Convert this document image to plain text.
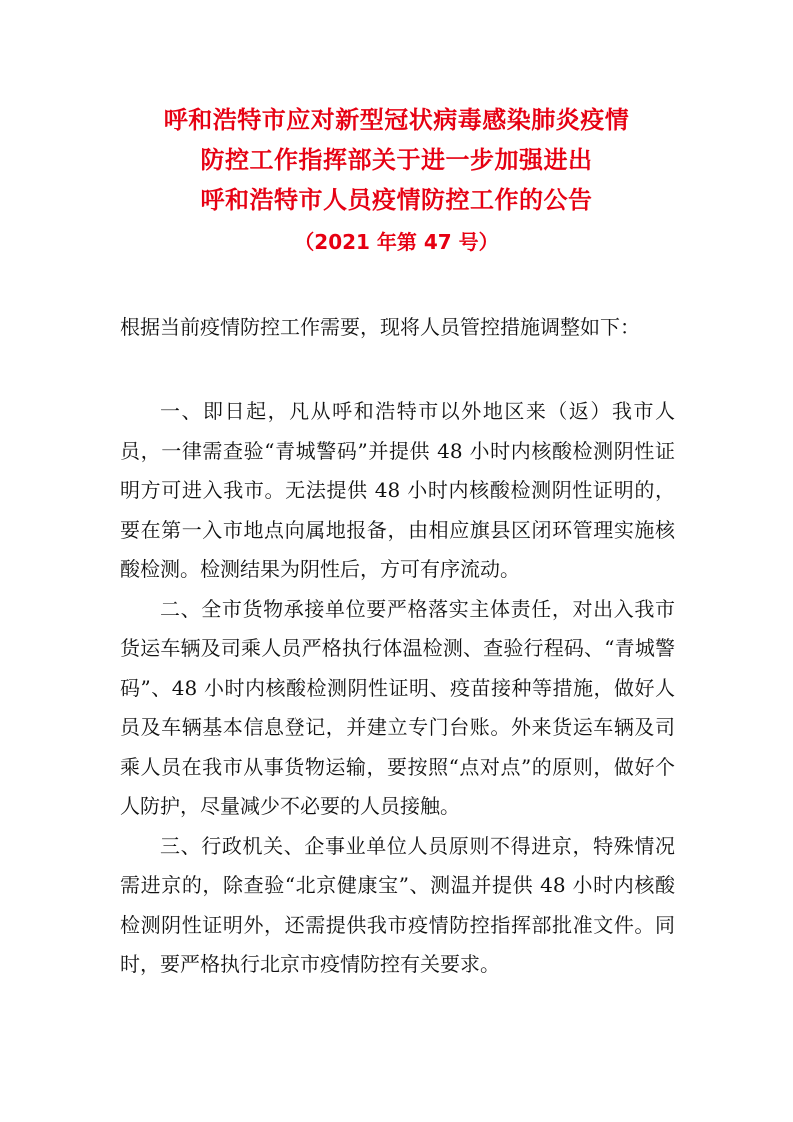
呼和浩特市应对新型冠状病毒感染肺炎疫情
防控工作指挥部关于进一步加强进出
呼和浩特市人员疫情防控工作的公告
（2021 年第 47 号）
根据当前疫情防控工作需要，现将人员管控措施调整如下：

一、即日起，凡从呼和浩特市以外地区来（返）我市人员，一律需查验“青城警码”并提供 48 小时内核酸检测阴性证明方可进入我市。无法提供 48 小时内核酸检测阴性证明的，要在第一入市地点向属地报备，由相应旗县区闭环管理实施核酸检测。检测结果为阴性后，方可有序流动。

二、全市货物承接单位要严格落实主体责任，对出入我市货运车辆及司乘人员严格执行体温检测、查验行程码、“青城警码”、48 小时内核酸检测阴性证明、疫苗接种等措施，做好人员及车辆基本信息登记，并建立专门台账。外来货运车辆及司乘人员在我市从事货物运输，要按照“点对点”的原则，做好个人防护，尽量减少不必要的人员接触。

三、行政机关、企事业单位人员原则不得进京，特殊情况需进京的，除查验“北京健康宝”、测温并提供 48 小时内核酸检测阴性证明外，还需提供我市疫情防控指挥部批准文件。同时，要严格执行北京市疫情防控有关要求。
